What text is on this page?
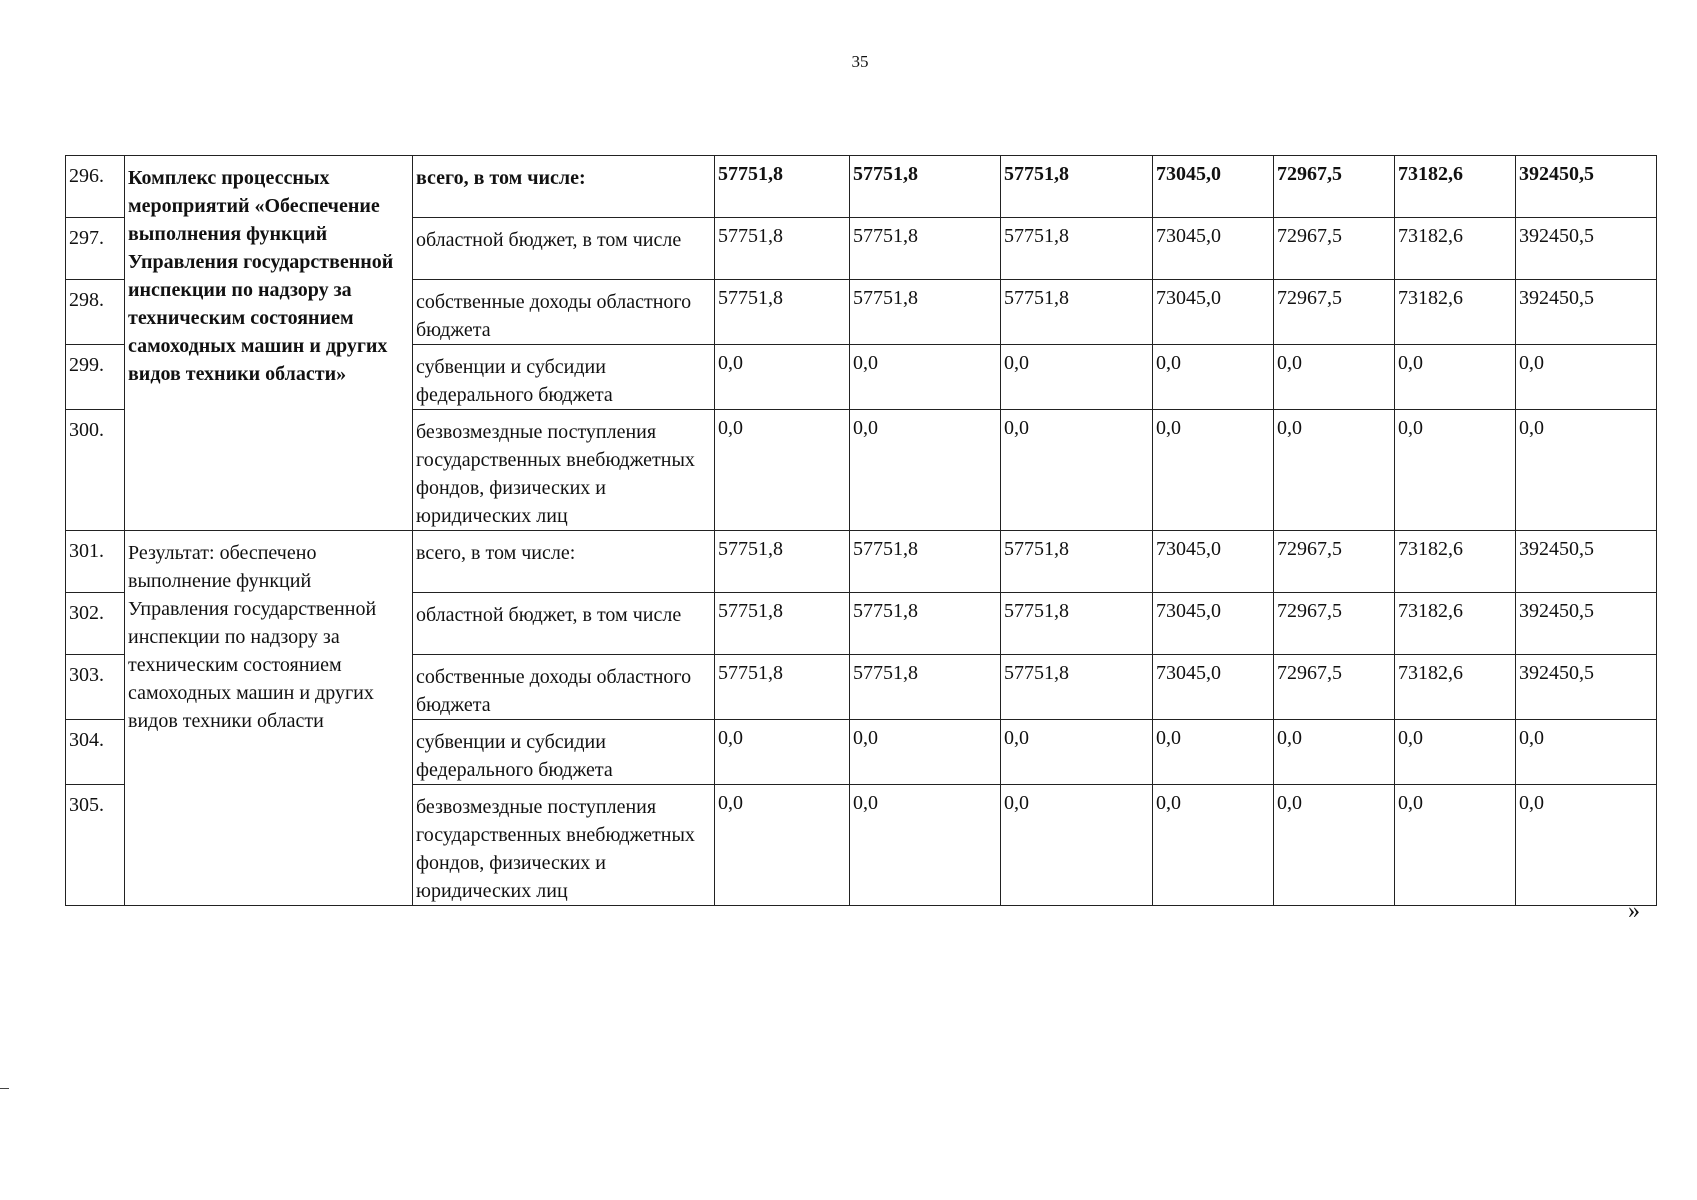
35
296.	Комплекс процессных мероприятий «Обеспечение выполнения функций Управления государственной инспекции по надзору за техническим состоянием самоходных машин и других видов техники области»	всего, в том числе:	57751,8	57751,8	57751,8	73045,0	72967,5	73182,6	392450,5
297.		областной бюджет, в том числе	57751,8	57751,8	57751,8	73045,0	72967,5	73182,6	392450,5
298.		собственные доходы областного бюджета	57751,8	57751,8	57751,8	73045,0	72967,5	73182,6	392450,5
299.		субвенции и субсидии федерального бюджета	0,0	0,0	0,0	0,0	0,0	0,0	0,0
300.		безвозмездные поступления государственных внебюджетных фондов, физических и юридических лиц	0,0	0,0	0,0	0,0	0,0	0,0	0,0
301.	Результат: обеспечено выполнение функций Управления государственной инспекции по надзору за техническим состоянием самоходных машин и других видов техники области	всего, в том числе:	57751,8	57751,8	57751,8	73045,0	72967,5	73182,6	392450,5
302.		областной бюджет, в том числе	57751,8	57751,8	57751,8	73045,0	72967,5	73182,6	392450,5
303.		собственные доходы областного бюджета	57751,8	57751,8	57751,8	73045,0	72967,5	73182,6	392450,5
304.		субвенции и субсидии федерального бюджета	0,0	0,0	0,0	0,0	0,0	0,0	0,0
305.		безвозмездные поступления государственных внебюджетных фондов, физических и юридических лиц	0,0	0,0	0,0	0,0	0,0	0,0	0,0
»
